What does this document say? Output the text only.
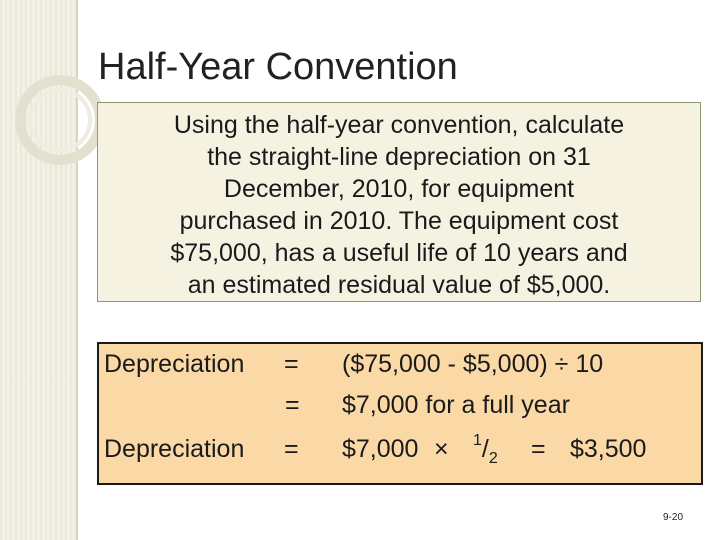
Half-Year Convention
Using the half-year convention, calculate
the straight-line depreciation on 31
December, 2010, for equipment
purchased in 2010. The equipment cost
$75,000, has a useful life of 10 years and
an estimated residual value of $5,000.
Depreciation = ($75,000 - $5,000) ÷ 10
= $7,000 for a full year
Depreciation = $7,000 × $^1/_2$ = $3,500
9-20
